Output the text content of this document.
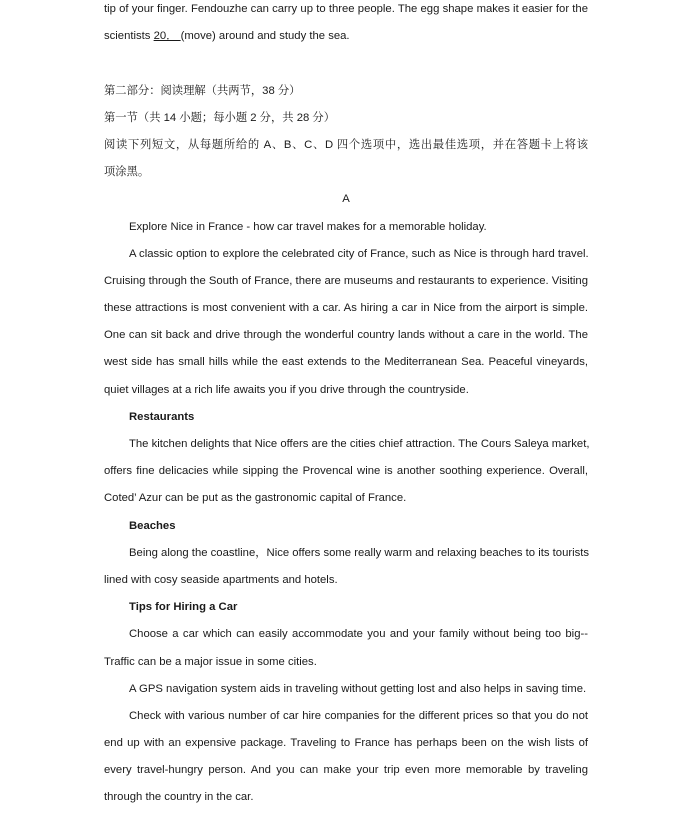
tip of your finger. Fendouzhe can carry up to three people. The egg shape makes it easier for the
scientists 20． (move) around and study the sea.
第二部分：阅读理解（共两节，38 分）
第一节（共 14 小题；每小题 2 分，共 28 分）
阅读下列短文，从每题所给的 A、B、C、D 四个选项中，选出最佳选项，并在答题卡上将该
项涂黑。
A
Explore Nice in France - how car travel makes for a memorable holiday.
A classic option to explore the celebrated city of France, such as Nice is through hard travel.
Cruising through the South of France, there are museums and restaurants to experience. Visiting
these attractions is most convenient with a car. As hiring a car in Nice from the airport is simple.
One can sit back and drive through the wonderful country lands without a care in the world. The
west side has small hills while the east extends to the Mediterranean Sea. Peaceful vineyards,
quiet villages at a rich life awaits you if you drive through the countryside.
Restaurants
The kitchen delights that Nice offers are the cities chief attraction. The Cours Saleya market,
offers fine delicacies while sipping the Provencal wine is another soothing experience. Overall,
Coted’ Azur can be put as the gastronomic capital of France.
Beaches
Being along the coastline，Nice offers some really warm and relaxing beaches to its tourists
lined with cosy seaside apartments and hotels.
Tips for Hiring a Car
Choose a car which can easily accommodate you and your family without being too big--
Traffic can be a major issue in some cities.
A GPS navigation system aids in traveling without getting lost and also helps in saving time.
Check with various number of car hire companies for the different prices so that you do not
end up with an expensive package. Traveling to France has perhaps been on the wish lists of
every travel-hungry person. And you can make your trip even more memorable by traveling
through the country in the car.
